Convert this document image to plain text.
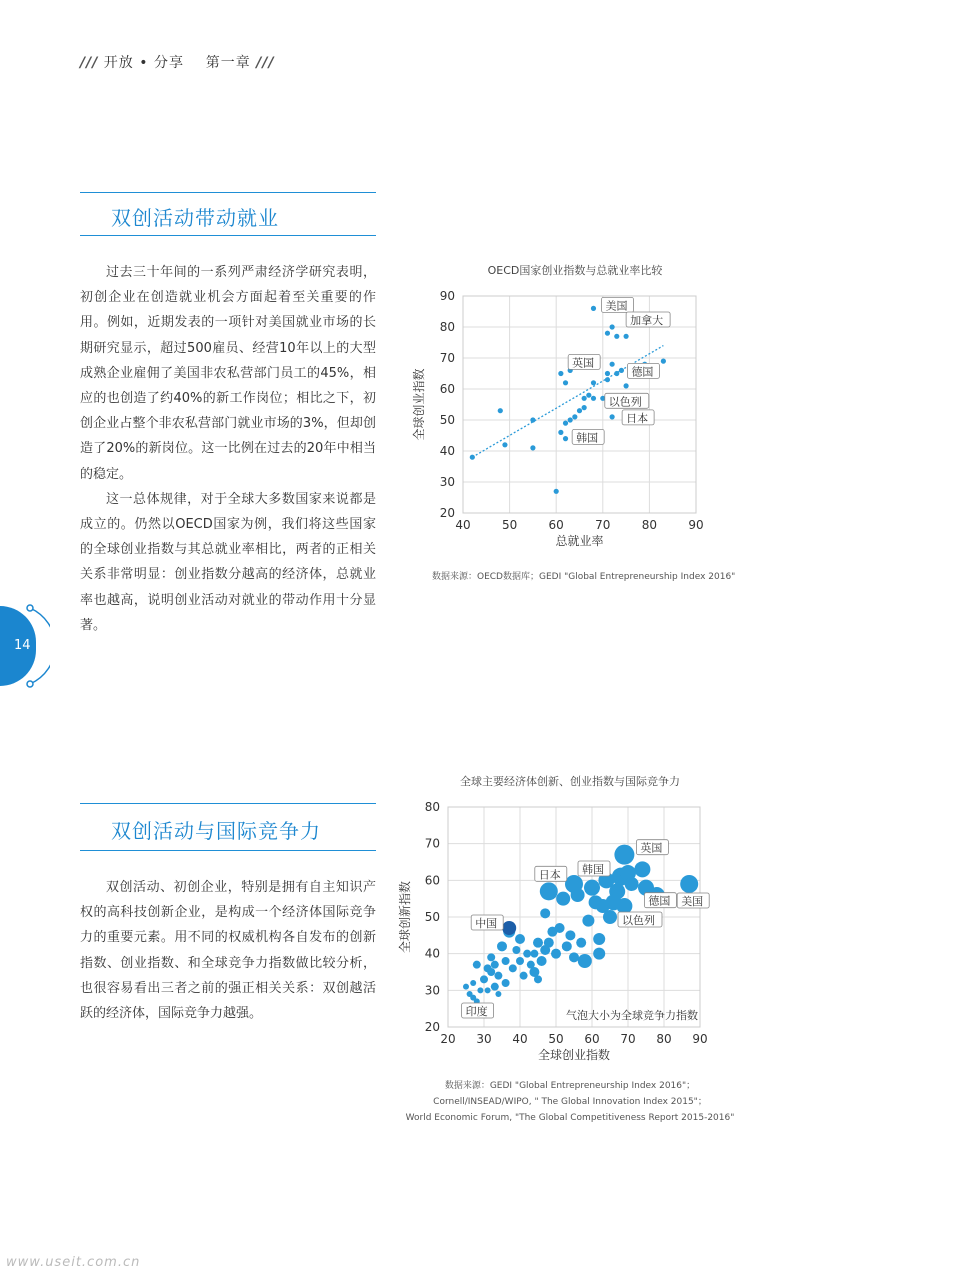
/// 开放 • 分享 第一章 ///
双创活动带动就业

过去三十年间的一系列严肃经济学研究表明，初创企业在创造就业机会方面起着至关重要的作用。例如，近期发表的一项针对美国就业市场的长期研究显示，超过500雇员、经营10年以上的大型成熟企业雇佣了美国非农私营部门员工的45%，相应的也创造了约40%的新工作岗位；相比之下，初创企业占整个非农私营部门就业市场的3%，但却创造了20%的新岗位。这一比例在过去的20年中相当的稳定。

这一总体规律，对于全球大多数国家来说都是成立的。仍然以OECD国家为例，我们将这些国家的全球创业指数与其总就业率相比，两者的正相关关系非常明显：创业指数分越高的经济体，总就业率也越高，说明创业活动对就业的带动作用十分显著。

OECD国家创业指数与总就业率比较
40	50	60	70	80	90
20
30
40
50
60
70
80
90
总就业率
全球创业指数
美国
加拿大
英国
德国
以色列
日本
韩国
数据来源：OECD数据库；GEDI "Global Entrepreneurship Index 2016"
14
双创活动与国际竞争力

双创活动、初创企业，特别是拥有自主知识产权的高科技创新企业，是构成一个经济体国际竞争力的重要元素。用不同的权威机构各自发布的创新指数、创业指数、和全球竞争力指数做比较分析，也很容易看出三者之前的强正相关关系：双创越活跃的经济体，国际竞争力越强。

全球主要经济体创新、创业指数与国际竞争力
20 30 40 50 60 70 80 90
20
30
40
50
60
70
80
全球创业指数
全球创新指数
韩国
日本
英国
美国
中国
德国
以色列
印度	气泡大小为全球竞争力指数
数据来源：GEDI "Global Entrepreneurship Index 2016"；
Cornell/INSEAD/WIPO, " The Global Innovation Index 2015"；
World Economic Forum, "The Global Competitiveness Report 2015-2016"
www.useit.com.cn
